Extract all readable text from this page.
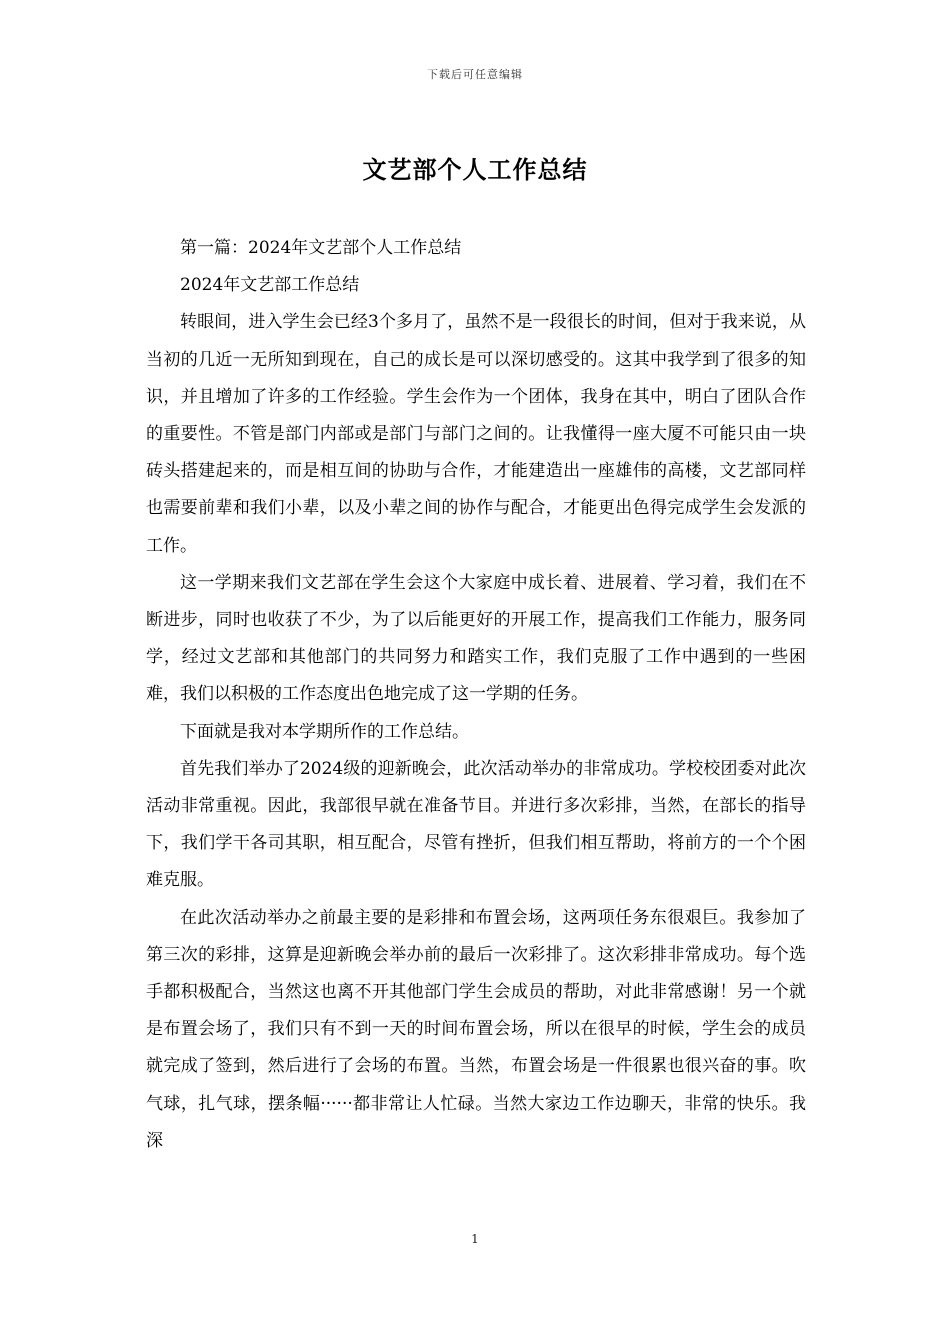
下载后可任意编辑
文艺部个人工作总结

第一篇：2024年文艺部个人工作总结

2024年文艺部工作总结

转眼间，进入学生会已经3个多月了，虽然不是一段很长的时间，但对于我来说，从当初的几近一无所知到现在，自己的成长是可以深切感受的。这其中我学到了很多的知识，并且增加了许多的工作经验。学生会作为一个团体，我身在其中，明白了团队合作的重要性。不管是部门内部或是部门与部门之间的。让我懂得一座大厦不可能只由一块砖头搭建起来的，而是相互间的协助与合作，才能建造出一座雄伟的高楼，文艺部同样也需要前辈和我们小辈，以及小辈之间的协作与配合，才能更出色得完成学生会发派的工作。

这一学期来我们文艺部在学生会这个大家庭中成长着、进展着、学习着，我们在不断进步，同时也收获了不少，为了以后能更好的开展工作，提高我们工作能力，服务同学，经过文艺部和其他部门的共同努力和踏实工作，我们克服了工作中遇到的一些困难，我们以积极的工作态度出色地完成了这一学期的任务。

下面就是我对本学期所作的工作总结。

首先我们举办了2024级的迎新晚会，此次活动举办的非常成功。学校校团委对此次活动非常重视。因此，我部很早就在准备节目。并进行多次彩排，当然，在部长的指导下，我们学干各司其职，相互配合，尽管有挫折，但我们相互帮助，将前方的一个个困难克服。

在此次活动举办之前最主要的是彩排和布置会场，这两项任务东很艰巨。我参加了第三次的彩排，这算是迎新晚会举办前的最后一次彩排了。这次彩排非常成功。每个选手都积极配合，当然这也离不开其他部门学生会成员的帮助，对此非常感谢！另一个就是布置会场了，我们只有不到一天的时间布置会场，所以在很早的时候，学生会的成员就完成了签到，然后进行了会场的布置。当然，布置会场是一件很累也很兴奋的事。吹气球，扎气球，摆条幅······都非常让人忙碌。当然大家边工作边聊天，非常的快乐。我深

1
